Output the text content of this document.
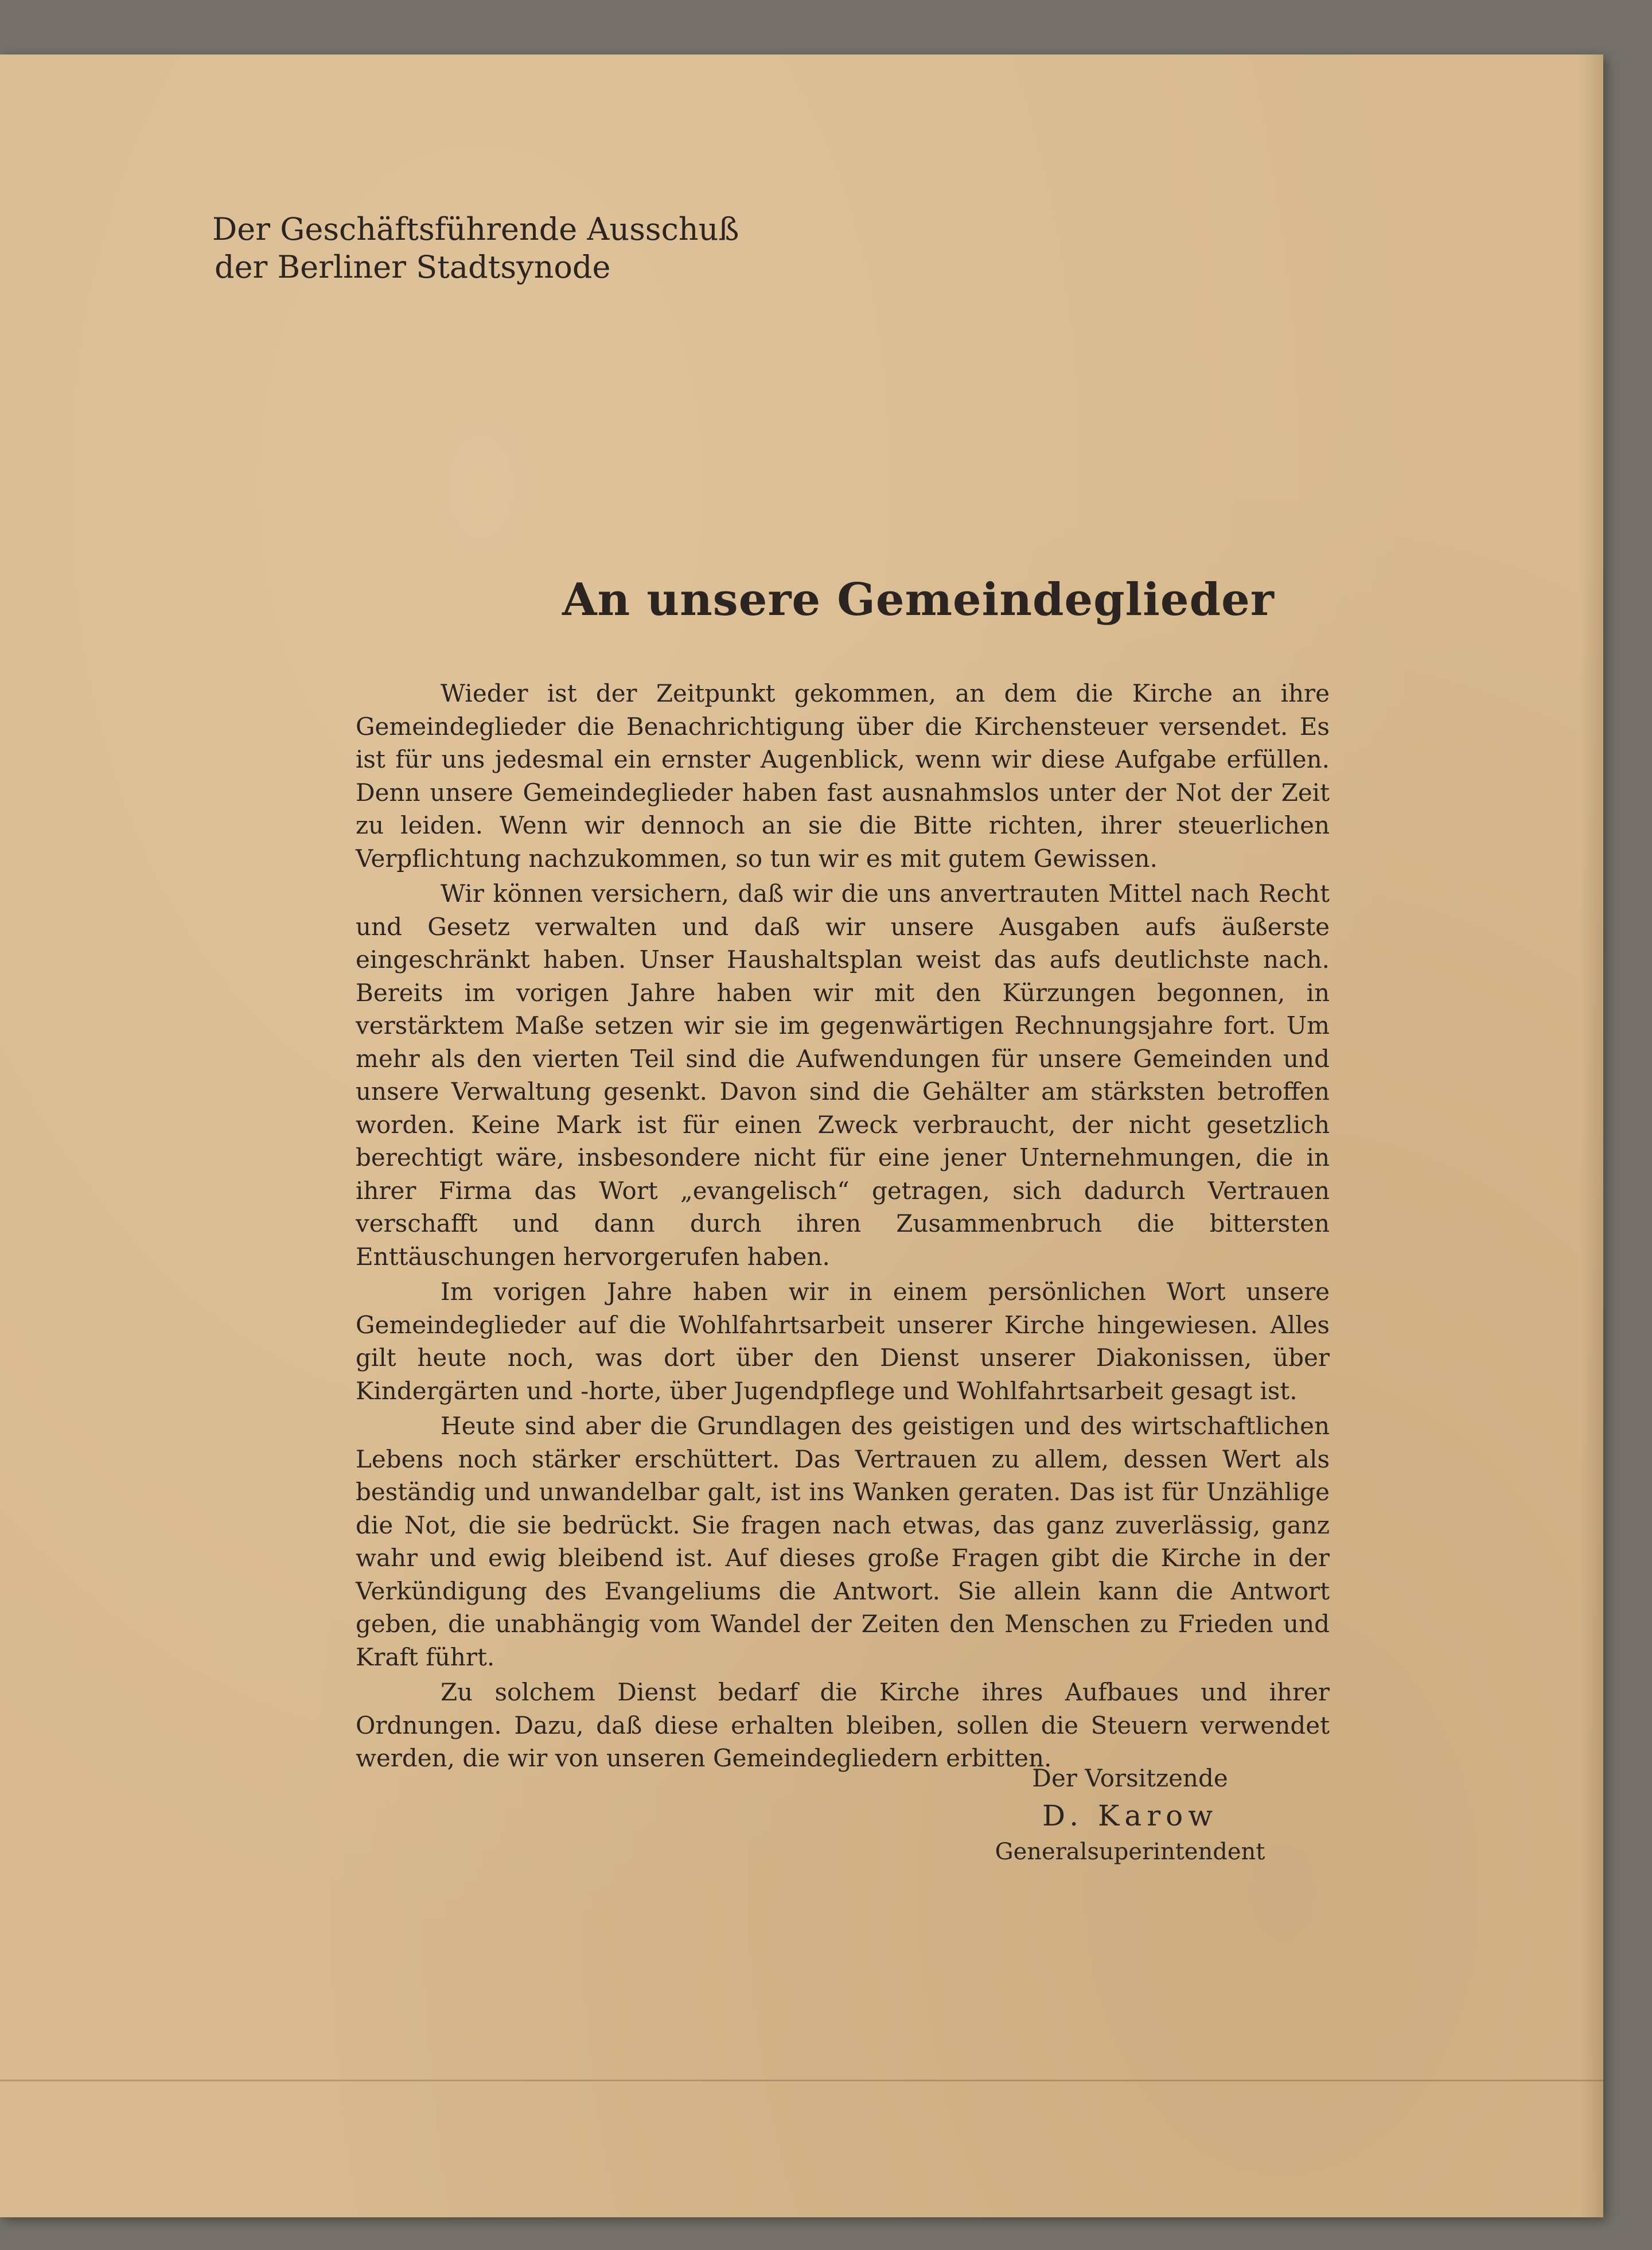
Der Geschäftsführende Ausschuß
der Berliner Stadtsynode
An unsere Gemeindeglieder

Wieder ist der Zeitpunkt gekommen, an dem die Kirche an ihre Gemeindeglieder die Benachrichtigung über die Kirchensteuer versendet. Es ist für uns jedesmal ein ernster Augenblick, wenn wir diese Aufgabe erfüllen. Denn unsere Gemeindeglieder haben fast ausnahmslos unter der Not der Zeit zu leiden. Wenn wir dennoch an sie die Bitte richten, ihrer steuerlichen Verpflichtung nachzukommen, so tun wir es mit gutem Gewissen.

Wir können versichern, daß wir die uns anvertrauten Mittel nach Recht und Gesetz verwalten und daß wir unsere Ausgaben aufs äußerste eingeschränkt haben. Unser Haushaltsplan weist das aufs deutlichste nach. Bereits im vorigen Jahre haben wir mit den Kürzungen begonnen, in verstärktem Maße setzen wir sie im gegenwärtigen Rechnungsjahre fort. Um mehr als den vierten Teil sind die Aufwendungen für unsere Gemeinden und unsere Verwaltung gesenkt. Davon sind die Gehälter am stärksten betroffen worden. Keine Mark ist für einen Zweck verbraucht, der nicht gesetzlich berechtigt wäre, insbesondere nicht für eine jener Unternehmungen, die in ihrer Firma das Wort „evangelisch“ getragen, sich dadurch Vertrauen verschafft und dann durch ihren Zusammenbruch die bittersten Enttäuschungen hervorgerufen haben.

Im vorigen Jahre haben wir in einem persönlichen Wort unsere Gemeindeglieder auf die Wohlfahrtsarbeit unserer Kirche hingewiesen. Alles gilt heute noch, was dort über den Dienst unserer Diakonissen, über Kindergärten und -horte, über Jugendpflege und Wohlfahrtsarbeit gesagt ist.

Heute sind aber die Grundlagen des geistigen und des wirtschaftlichen Lebens noch stärker erschüttert. Das Vertrauen zu allem, dessen Wert als beständig und unwandelbar galt, ist ins Wanken geraten. Das ist für Unzählige die Not, die sie bedrückt. Sie fragen nach etwas, das ganz zuverlässig, ganz wahr und ewig bleibend ist. Auf dieses große Fragen gibt die Kirche in der Verkündigung des Evangeliums die Antwort. Sie allein kann die Antwort geben, die unabhängig vom Wandel der Zeiten den Menschen zu Frieden und Kraft führt.

Zu solchem Dienst bedarf die Kirche ihres Aufbaues und ihrer Ordnungen. Dazu, daß diese erhalten bleiben, sollen die Steuern verwendet werden, die wir von unseren Gemeindegliedern erbitten.

Der Vorsitzende
D. Karow
Generalsuperintendent
